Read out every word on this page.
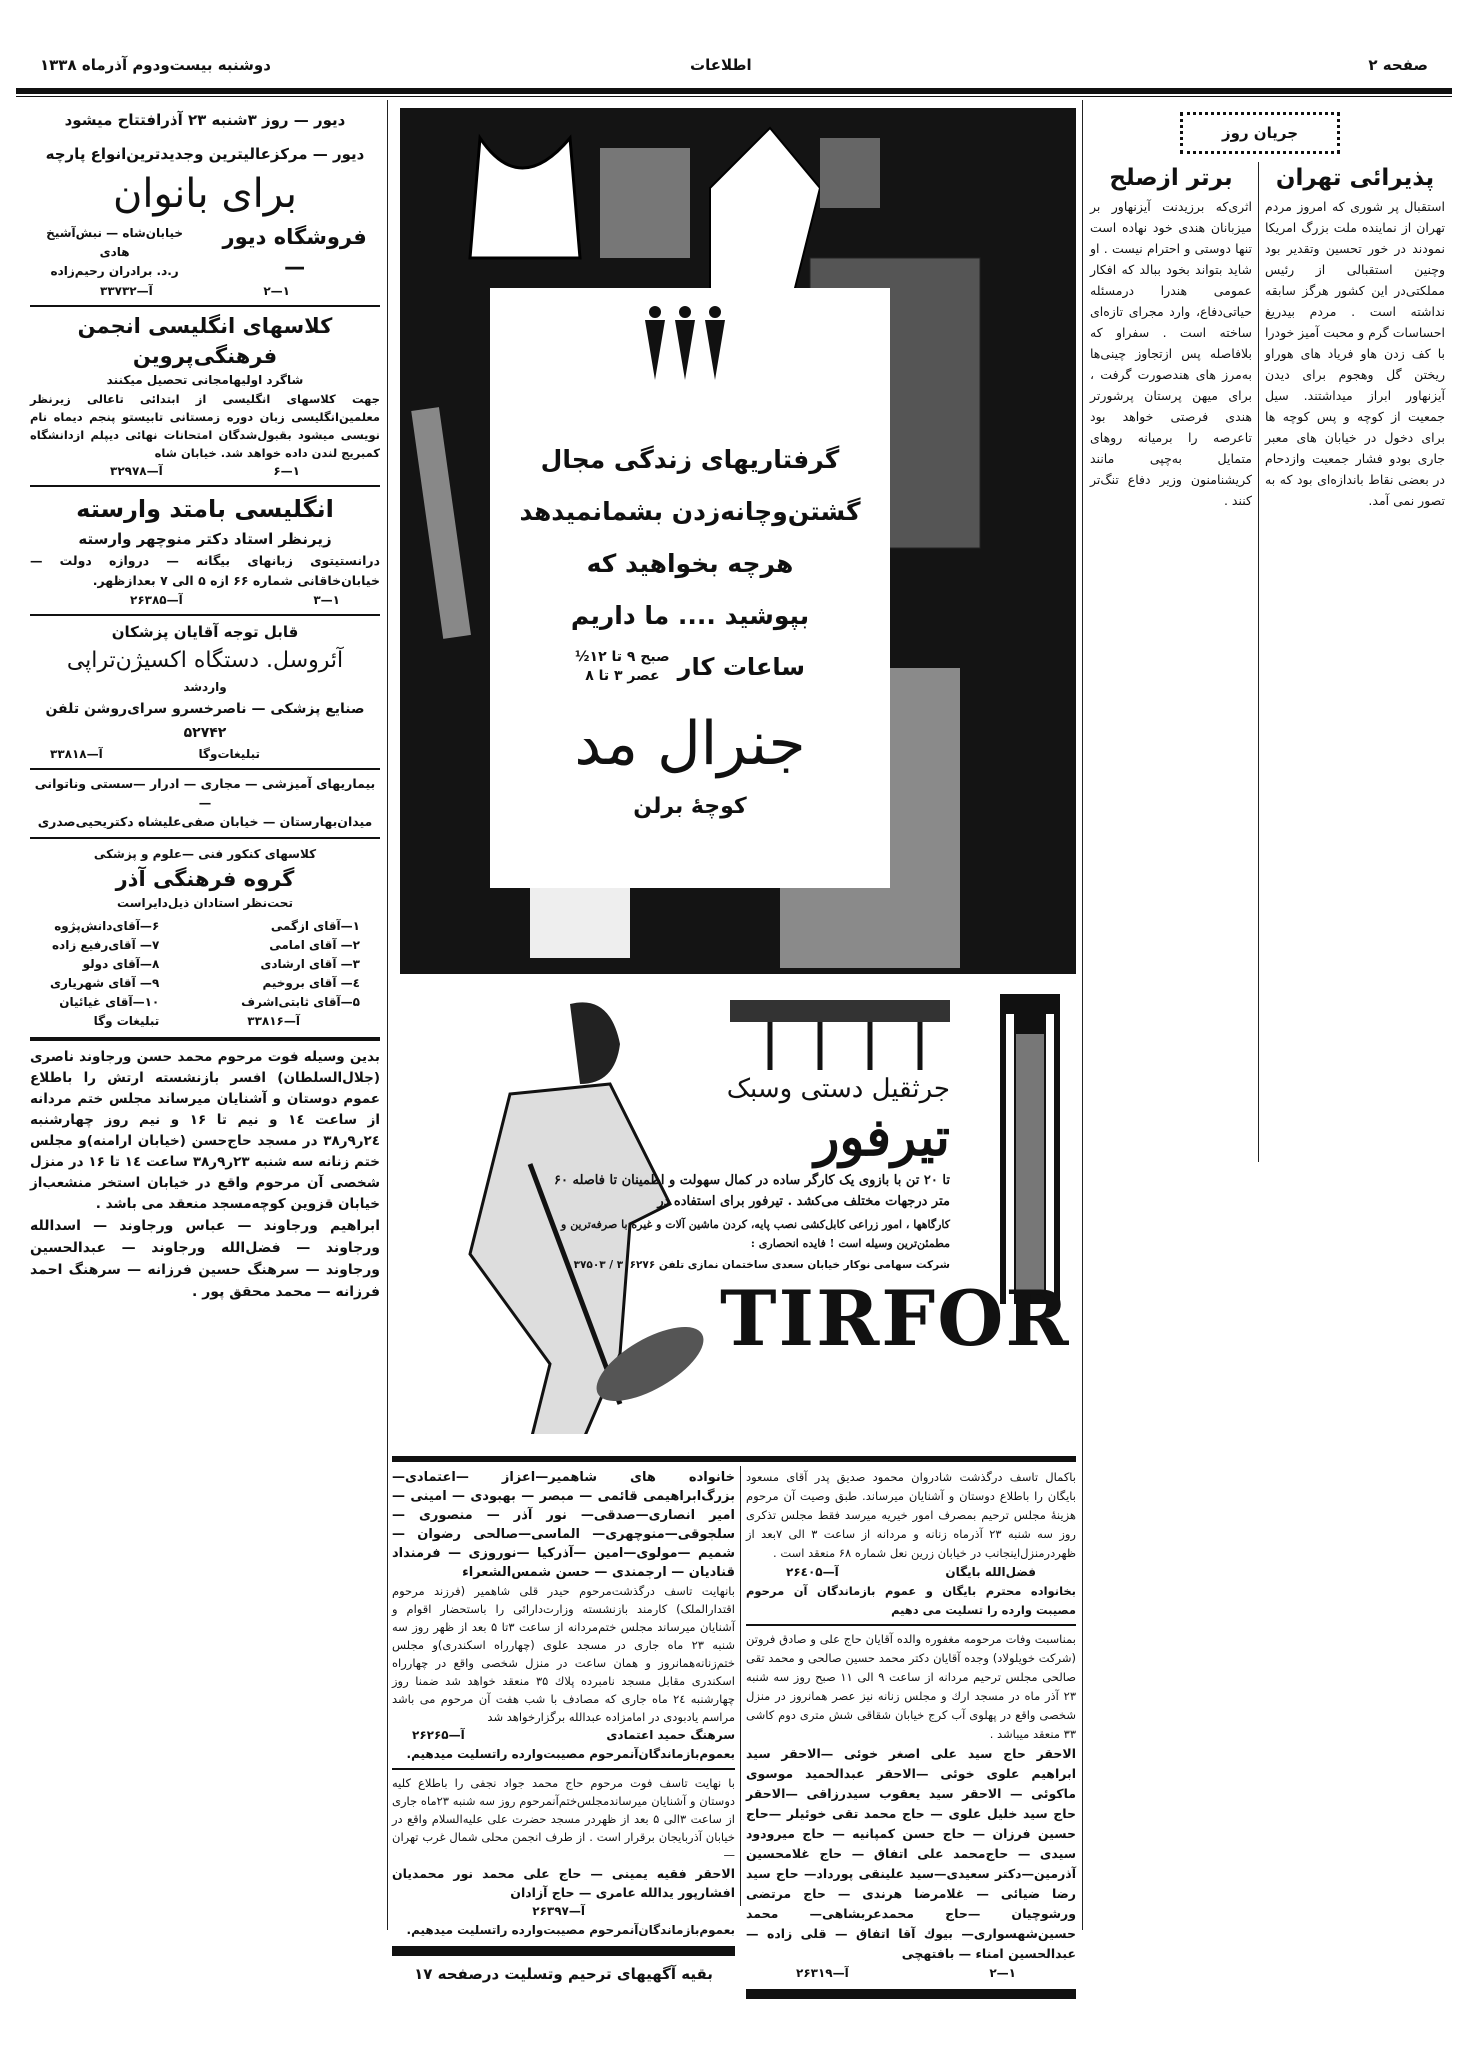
صفحه ۲
اطلاعات
دوشنبه بیست‌ودوم آذرماه ۱۳۳۸
دیور — روز ۳شنبه ۲۳ آذرافتتاح میشود
دیور — مرکزعالیترین وجدیدترین‌انواع پارچه
برای بانوان
فروشگاه دیور —
خیابان‌شاه — نبش‌آشیخ هادی
ر.د. برادران رحیم‌زاده
۱—۲
آ—۳۳۷۳۲
کلاسهای انگلیسی انجمن فرهنگی‌پروین
شاگرد اولیهامجانی تحصیل میکنند
جهت کلاسهای انگلیسی از ابتدائی تاعالی زیرنظر معلمین‌انگلیسی زبان دوره زمستانی تابیستو پنجم دیماه نام نویسی میشود بقبول‌شدگان امتحانات نهائی دیپلم ازدانشگاه کمبریج لندن داده خواهد شد. خیابان شاه
۱—۶
آ—۳۲۹۷۸
انگلیسی بامتد وارسته
زیرنظر استاد دکتر منوچهر وارسته
درانستیتوی زبانهای بیگانه — دروازه دولت — خیابان‌خاقانی شماره ۶۶ ازه ۵ الی ۷ بعدازظهر.
۱—۳
آ—۲۶۳۸۵
قابل توجه آقایان پزشکان
آئروسل. دستگاه اکسیژن‌تراپی
واردشد
صنایع پزشکی — ناصرخسرو سرای‌روشن تلفن ۵۲۷۴۲
تبلیغات‌وگا
آ—۳۳۸۱۸
بیماریهای آمیزشی — مجاری — ادرار —سستی وناتوانی—
میدان‌بهارستان — خیابان صفی‌علیشاه دکتریحیی‌صدری
کلاسهای کنکور فنی —علوم و پزشکی
گروه فرهنگی آذر
تحت‌نظر استادان ذیل‌دایراست
۱—آقای ازگمی
۲— آقای امامی
۳— آقای ارشادی
٤— آقای بروخیم
۵—آقای ثابتی‌اشرف
آ—۳۳۸۱۶
۶—آقای‌دانش‌پژوه
۷— آقای‌رفیع زاده
۸—آقای دولو
۹— آقای شهریاری
۱۰—آقای غیائیان
تبلیغات وگا
بدین وسیله فوت مرحوم محمد حسن ورجاوند ناصری (جلال‌السلطان) افسر بازنشسته ارتش را باطلاع عموم دوستان و آشنایان میرساند مجلس ختم مردانه از ساعت ۱٤ و نیم تا ۱۶ و نیم روز چهارشنبه ۲٤ر۹ر۳۸ در مسجد حاج‌حسن (خیابان ارامنه)و مجلس ختم زنانه سه شنبه ۲۳ر۹ر۳۸ ساعت ۱٤ تا ۱۶ در منزل شخصی آن مرحوم واقع در خیابان استخر منشعب‌از خیابان قزوین کوچه‌مسجد منعقد می باشد .
ابراهیم ورجاوند — عباس ورجاوند — اسدالله ورجاوند — فضل‌الله ورجاوند — عبدالحسین ورجاوند — سرهنگ حسین فرزانه — سرهنگ احمد فرزانه — محمد محقق پور .
گرفتاریهای زندگی مجال
گشتن‌وچانه‌زدن بشمانمیدهد
هرچه بخواهید که
بپوشید .... ما داریم
ساعات کار
صبح ۹ تا ۱۲½
عصر ۳ تا ۸
جنرال مد
کوچهٔ برلن
جرثقیل دستی وسبک
تیرفور
تا ۲۰ تن با بازوی یک کارگر ساده در کمال سهولت و اطمینان تا فاصله ۶۰ متر درجهات مختلف می‌کشد . تیرفور برای استفاده در
کارگاهها ، امور زراعی کابل‌کشی نصب پایه، کردن ماشین آلات و غیره با صرفه‌ترین و مطمئن‌ترین وسیله است ! فایده انحصاری :
شرکت سهامی نوکار خیابان سعدی ساختمان نمازی تلفن ۳۰۶۲۷۶ / ۳۷۵۰۳
TIRFOR
خانواده های شاهمیر—اعزاز —اعتمادی—بزرگ‌ابراهیمی قائمی — مبصر — بهبودی — امینی — امیر انصاری—صدقی— نور آذر — منصوری — سلجوقی—منوچهری— الماسی—صالحی رضوان —شمیم —مولوی—امین —آذرکیا —نوروزی — فرمنداد قنادیان — ارجمندی — حسن شمس‌الشعراء
بانهایت تاسف درگذشت‌مرحوم حیدر قلی شاهمیر (فرزند مرحوم اقتدارالملک) کارمند بازنشسته وزارت‌دارائی را باستحضار اقوام و آشنایان میرساند مجلس ختم‌مردانه از ساعت ۳تا ۵ بعد از ظهر روز سه شنبه ۲۳ ماه جاری در مسجد علوی (چهارراه اسکندری)و مجلس ختم‌زنانه‌همانروز و همان ساعت در منزل شخصی واقع در چهارراه اسکندری مقابل مسجد نامبرده پلاك ۳۵ منعقد خواهد شد ضمنا روز چهارشنبه ۲٤ ماه جاری که مصادف با شب هفت آن مرحوم می باشد مراسم یادبودی در امامزاده عبدالله برگزارخواهد شد
سرهنگ حمید اعتمادی
آ—۲۶۲۶۵
بعموم‌بازماندگان‌آنمرحوم مصیبت‌وارده راتسلیت میدهیم.
با نهایت تاسف فوت مرحوم حاج محمد جواد نجفی را باطلاع کلیه دوستان و آشنایان میرساندمجلس‌ختم‌آنمرحوم روز سه شنبه ۲۳ماه جاری از ساعت ۳الی ۵ بعد از ظهردر مسجد حضرت علی علیه‌السلام واقع در خیابان آذربایجان برقرار است . از طرف انجمن محلی شمال غرب تهران —
الاحقر فقیه یمینی — حاج علی محمد نور محمدیان افشارپور یدالله عامری — حاج آزادان
آ—۲۶۳۹۷
بعموم‌بازماندگان‌آنمرحوم مصیبت‌وارده راتسلیت میدهیم.
بقیه آگهیهای ترحیم وتسلیت درصفحه ۱۷
باکمال تاسف درگذشت شادروان محمود صدیق پدر آقای مسعود بایگان را باطلاع دوستان و آشنایان میرساند. طبق وصیت آن مرحوم هزینهٔ مجلس ترحیم بمصرف امور خیریه میرسد فقط مجلس تذکری روز سه شنبه ۲۳ آذرماه زنانه و مردانه از ساعت ۳ الی ۷بعد از ظهردرمنزل‌اینجانب در خیابان زرین نعل شماره ۶۸ منعقد است .
فضل‌الله بایگان
آ—۲۶٤۰۵
بخانواده محترم بایگان و عموم بازماندگان آن مرحوم مصیبت وارده را تسلیت می دهیم
بمناسبت وفات مرحومه مغفوره والده آقایان حاج علی و صادق فروتن (شرکت خویلولاد) وجده آقایان دکتر محمد حسین صالحی و محمد تقی صالحی مجلس ترحیم مردانه از ساعت ۹ الی ۱۱ صبح روز سه شنبه ۲۳ آذر ماه در مسجد ارك و مجلس زنانه نیز عصر همانروز در منزل شخصی واقع در پهلوی آب کرج خیابان شقاقی شش متری دوم کاشی ۳۳ منعقد میباشد .
الاحقر حاج سید علی اصغر خوئی —الاحقر سید ابراهیم علوی خوئی —الاحقر عبدالحمید موسوی ماکوئی — الاحقر سید یعقوب سیدرزاقی —الاحقر حاج سید خلیل علوی — حاج محمد تقی خوئیلر —حاج حسین فرزان — حاج حسن کمپانیه — حاج میرودود سیدی — حاج‌محمد علی اتفاق — حاج غلامحسین آذرمین—دکتر سعیدی—سید علینقی پورداد— حاج سید رضا ضیائی — غلامرضا هرندی — حاج مرتضی ورشوچیان —حاج محمدعربشاهی— محمد حسین‌شهسواری— بیوك آقا اتفاق — قلی زاده — عبدالحسین امناء — بافتهچی
۱—۲
آ—۲۶۳۱۹
جریان روز
پذیرائی تهران
استقبال پر شوری که امروز مردم تهران از نماینده ملت بزرگ امریکا نمودند در خور تحسین وتقدیر بود وچنین استقبالی از رئیس مملکتی‌در این کشور هرگز سابقه نداشته است . مردم بیدریغ احساسات گرم و محبت آمیز خودرا با کف زدن هاو فریاد های هوراو ریختن گل وهجوم برای دیدن آیزنهاور ابراز میداشتند. سیل جمعیت از کوچه و پس کوچه ها برای دخول در خیابان های معبر جاری بودو فشار جمعیت وازدحام در بعضی نقاط باندازه‌ای بود که به تصور نمی آمد.
برتر ازصلح
اثری‌که برزیدنت آیزنهاور بر میزبانان هندی خود نهاده است تنها دوستی و احترام نیست . او شاید بتواند بخود ببالد که افکار عمومی هندرا درمسئله حیاتی‌دفاع، وارد مجرای تازه‌ای ساخته است . سفراو که بلافاصله پس ازتجاوز چینی‌ها به‌مرز های هندصورت گرفت ، برای میهن پرستان پرشورتر هندی فرصتی خواهد بود تاعرصه را برمیانه روهای متمایل به‌چپی مانند کریشنامنون وزیر دفاع تنگ‌تر کنند .
